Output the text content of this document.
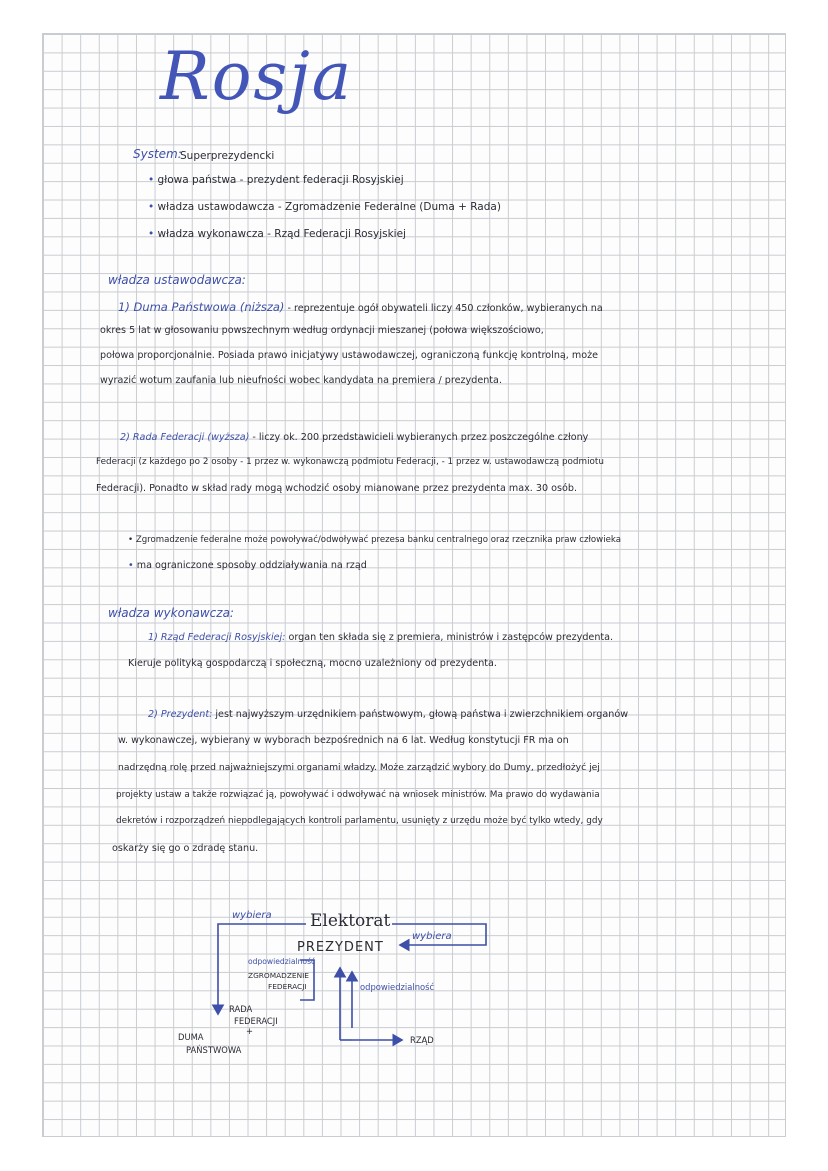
Rosja
System:
Superprezydencki
• głowa państwa - prezydent federacji Rosyjskiej
• władza ustawodawcza - Zgromadzenie Federalne (Duma + Rada)
• władza wykonawcza - Rząd Federacji Rosyjskiej
władza ustawodawcza:
1) Duma Państwowa (niższa) - reprezentuje ogół obywateli liczy 450 członków, wybieranych na
okres 5 lat w głosowaniu powszechnym według ordynacji mieszanej (połowa większościowo,
połowa proporcjonalnie. Posiada prawo inicjatywy ustawodawczej, ograniczoną funkcję kontrolną, może
wyrazić wotum zaufania lub nieufności wobec kandydata na premiera / prezydenta.
2) Rada Federacji (wyższa) - liczy ok. 200 przedstawicieli wybieranych przez poszczególne człony
Federacji (z każdego po 2 osoby - 1 przez w. wykonawczą podmiotu Federacji, - 1 przez w. ustawodawczą podmiotu
Federacji). Ponadto w skład rady mogą wchodzić osoby mianowane przez prezydenta max. 30 osób.
• Zgromadzenie federalne może powoływać/odwoływać prezesa banku centralnego oraz rzecznika praw człowieka
• ma ograniczone sposoby oddziaływania na rząd
władza wykonawcza:
1) Rząd Federacji Rosyjskiej: organ ten składa się z premiera, ministrów i zastępców prezydenta.
Kieruje polityką gospodarczą i społeczną, mocno uzależniony od prezydenta.
2) Prezydent: jest najwyższym urzędnikiem państwowym, głową państwa i zwierzchnikiem organów
w. wykonawczej, wybierany w wyborach bezpośrednich na 6 lat. Według konstytucji FR ma on
nadrzędną rolę przed najważniejszymi organami władzy. Może zarządzić wybory do Dumy, przedłożyć jej
projekty ustaw a także rozwiązać ją, powoływać i odwoływać na wniosek ministrów. Ma prawo do wydawania
dekretów i rozporządzeń niepodlegających kontroli parlamentu, usunięty z urzędu może być tylko wtedy, gdy
oskarży się go o zdradę stanu.
wybiera Elektorat
wybiera
PREZYDENT
odpowiedzialność
ZGROMADZENIE
FEDERACJI
RADA
FEDERACJI
+
DUMA
PAŃSTWOWA
odpowiedzialność
RZĄD
